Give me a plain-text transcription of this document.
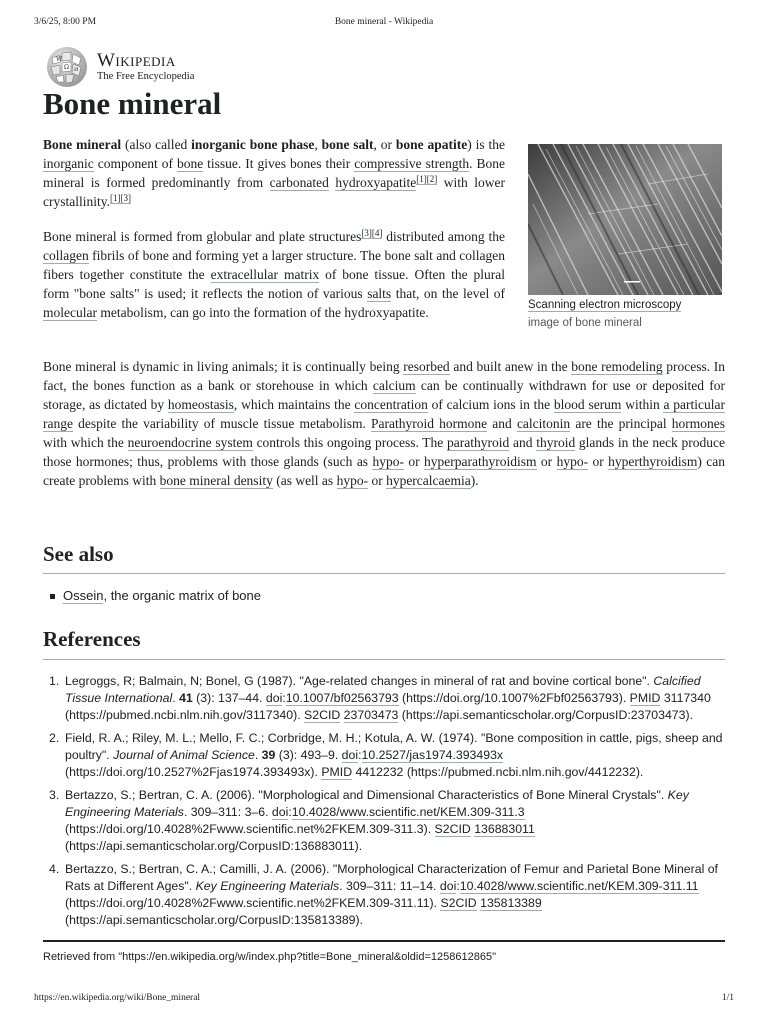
3/6/25, 8:00 PM	Bone mineral - Wikipedia
W
Ω И Wikipedia
The Free Encyclopedia
Bone mineral

Bone mineral (also called inorganic bone phase, bone salt, or bone apatite) is the inorganic component of bone tissue. It gives bones their compressive strength. Bone mineral is formed predominantly from carbonated hydroxyapatite[1][2] with lower crystallinity.[1][3]

Bone mineral is formed from globular and plate structures[3][4] distributed among the collagen fibrils of bone and forming yet a larger structure. The bone salt and collagen fibers together constitute the extracellular matrix of bone tissue. Often the plural form "bone salts" is used; it reflects the notion of various salts that, on the level of molecular metabolism, can go into the formation of the hydroxyapatite.	Scanning electron microscopy
image of bone mineral

Bone mineral is dynamic in living animals; it is continually being resorbed and built anew in the bone remodeling process. In fact, the bones function as a bank or storehouse in which calcium can be continually withdrawn for use or deposited for storage, as dictated by homeostasis, which maintains the concentration of calcium ions in the blood serum within a particular range despite the variability of muscle tissue metabolism. Parathyroid hormone and calcitonin are the principal hormones with which the neuroendocrine system controls this ongoing process. The parathyroid and thyroid glands in the neck produce those hormones; thus, problems with those glands (such as hypo- or hyperparathyroidism or hypo- or hyperthyroidism) can create problems with bone mineral density (as well as hypo- or hypercalcaemia).

See also
Ossein, the organic matrix of bone
References
1. Legroggs, R; Balmain, N; Bonel, G (1987). "Age-related changes in mineral of rat and bovine cortical bone". Calcified Tissue International. 41 (3): 137–44. doi:10.1007/bf02563793 (https://doi.org/10.1007%2Fbf02563793). PMID 3117340 (https://pubmed.ncbi.nlm.nih.gov/3117340). S2CID 23703473 (https://api.semanticscholar.org/CorpusID:23703473).
2. Field, R. A.; Riley, M. L.; Mello, F. C.; Corbridge, M. H.; Kotula, A. W. (1974). "Bone composition in cattle, pigs, sheep and poultry". Journal of Animal Science. 39 (3): 493–9. doi:10.2527/jas1974.393493x (https://doi.org/10.2527%2Fjas1974.393493x). PMID 4412232 (https://pubmed.ncbi.nlm.nih.gov/4412232).
3. Bertazzo, S.; Bertran, C. A. (2006). "Morphological and Dimensional Characteristics of Bone Mineral Crystals". Key Engineering Materials. 309–311: 3–6. doi:10.4028/www.scientific.net/KEM.309-311.3 (https://doi.org/10.4028%2Fwww.scientific.net%2FKEM.309-311.3). S2CID 136883011 (https://api.semanticscholar.org/CorpusID:136883011).
4. Bertazzo, S.; Bertran, C. A.; Camilli, J. A. (2006). "Morphological Characterization of Femur and Parietal Bone Mineral of Rats at Different Ages". Key Engineering Materials. 309–311: 11–14. doi:10.4028/www.scientific.net/KEM.309-311.11 (https://doi.org/10.4028%2Fwww.scientific.net%2FKEM.309-311.11). S2CID 135813389 (https://api.semanticscholar.org/CorpusID:135813389).
Retrieved from "https://en.wikipedia.org/w/index.php?title=Bone_mineral&oldid=1258612865"
https://en.wikipedia.org/wiki/Bone_mineral	1/1
